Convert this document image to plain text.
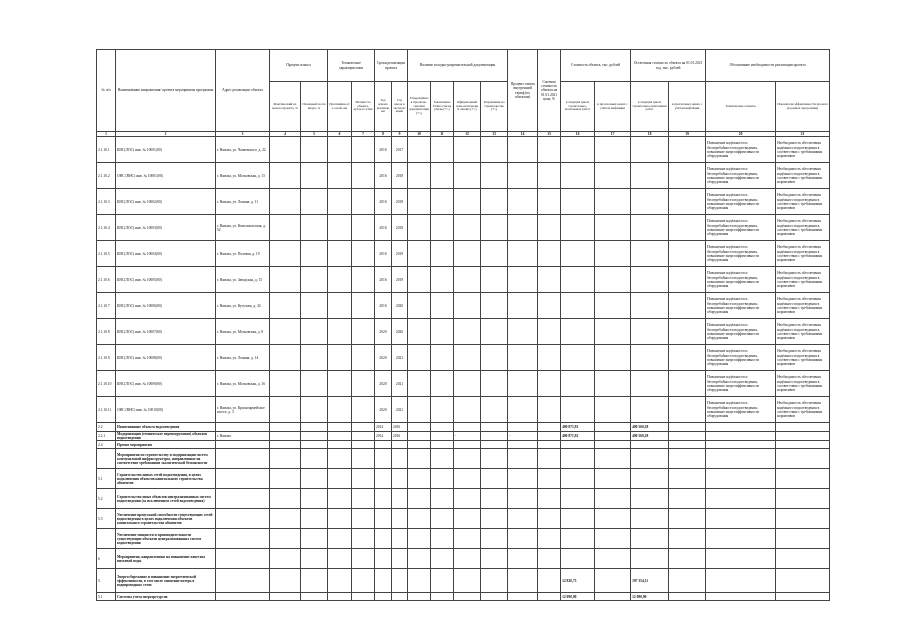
№ п/п	Наименование направления/ проекта мероприятия программы	Адрес реализации объекта	Процент износа		Технические характеристики		Сроки реализации проекта		Наличие исходно-разрешительной документации				Процент охвата внутренний тариф (по объектам)	Сметная стоимость объекта на 01.01.2021 цена, %	Стоимость объекта, тыс. рублей		Остаточная стоимость объекта на 01.01.2021 год, тыс. рублей		Обоснование необходимости реализации проекта	

			Фактический на начало проекта, %	Плановый после ввода, %	Протяжённость сетей, км	Мощность объекта, куб.м в сутки	Год начала реализации	Год ввода в эксплуатацию	Утверждённая проектно-сметная документация (+/-)	Заключение Главгосэкспертизы (+/-)	Официальный технологический анализ (+/-)	Разрешение на строительство (+/-)			в текущих ценах строительно-монтажных работ	в прогнозных ценах с учётом инфляции	в текущих ценах строительно-монтажных работ	в прогнозных ценах с учётом инфляции	Технические аспекты	Показатели эффективности проекта (в рамках программы)
1	2	3	4	5	6	7	8	9	10	11	12	13	14	15	16	17	18	19	20	21
2.1.10.1	КНС(ЛОС) инв. № 10001(00)	г. Вязьма, ул. Чапаевского, д. 22					2016	2017											Повышение надёжности и бесперебойности водоотведения, повышение энергоэффективности оборудования	Необходимость обеспечения надёжного водоотведения в соответствии с требованиями нормативов
2.1.10.2	ОНС (ВНС) инв. № 10001(00)	г. Вязьма, ул. Московская, д. 15					2016	2018											Повышение надёжности и бесперебойности водоотведения, повышение энергоэффективности оборудования	Необходимость обеспечения надёжного водоотведения в соответствии с требованиями нормативов
2.1.10.3	КНС(ЛОС) инв. № 10002(00)	г. Вязьма, ул. Ленина, д. 11					2016	2018											Повышение надёжности и бесперебойности водоотведения, повышение энергоэффективности оборудования	Необходимость обеспечения надёжного водоотведения в соответствии с требованиями нормативов
2.1.10.4	КНС(ЛОС) инв. № 10003(00)	г. Вязьма, ул. Комсомольская, д. 52					2016	2018											Повышение надёжности и бесперебойности водоотведения, повышение энергоэффективности оборудования	Необходимость обеспечения надёжного водоотведения в соответствии с требованиями нормативов
2.1.10.5	КНС(ЛОС) инв. № 10004(00)	г. Вязьма, ул. Полевая, д. 19					2016	2019											Повышение надёжности и бесперебойности водоотведения, повышение энергоэффективности оборудования	Необходимость обеспечения надёжного водоотведения в соответствии с требованиями нормативов
2.1.10.6	КНС(ЛОС) инв. № 10005(00)	г. Вязьма, ул. Заводская, д. 13					2016	2019											Повышение надёжности и бесперебойности водоотведения, повышение энергоэффективности оборудования	Необходимость обеспечения надёжного водоотведения в соответствии с требованиями нормативов
2.1.10.7	КНС(ЛОС) инв. № 10006(00)	г. Вязьма, ул. Кутузова, д. 43					2016	2020											Повышение надёжности и бесперебойности водоотведения, повышение энергоэффективности оборудования	Необходимость обеспечения надёжного водоотведения в соответствии с требованиями нормативов
2.1.10.8	КНС(ЛОС) инв. № 10007(00)	г. Вязьма, ул. Московская, д. 8					2020	2020											Повышение надёжности и бесперебойности водоотведения, повышение энергоэффективности оборудования	Необходимость обеспечения надёжного водоотведения в соответствии с требованиями нормативов
2.1.10.9	КНС(ЛОС) инв. № 10008(00)	г. Вязьма, ул. Ленина, д. 14					2020	2021											Повышение надёжности и бесперебойности водоотведения, повышение энергоэффективности оборудования	Необходимость обеспечения надёжного водоотведения в соответствии с требованиями нормативов
2.1.10.10	КНС(ЛОС) инв. № 10009(00)	г. Вязьма, ул. Московская, д. 16					2020	2021											Повышение надёжности и бесперебойности водоотведения, повышение энергоэффективности оборудования	Необходимость обеспечения надёжного водоотведения в соответствии с требованиями нормативов
2.1.10.11	ОНС (ВНС) инв. № 10010(00)	г. Вязьма, ул. Красноармейское шоссе, д. 3					2020	2021											Повышение надёжности и бесперебойности водоотведения, повышение энергоэффективности оборудования	Необходимость обеспечения надёжного водоотведения в соответствии с требованиями нормативов
2.2	Наименование объекта водоотведения						2014	2016							400 871,92		400 560,28			
2.2.1	Модернизация (техническое перевооружение) объектов водоотведения	г. Вязьма					2014	2016			-		-		400 871,92		400 560,28			
2.4	Прочие мероприятия																			
	Мероприятия по строительству и модернизации систем коммунальной инфраструктуры, направленные на соответствие требованиям экологической безопасности																			
5.1	Строительство новых сетей водоотведения, в целях подключения объектов капитального строительства абонентов																			
5.2	Строительство иных объектов централизованных систем водоотведения (за исключением сетей водоотведения)																			
5.3	Увеличение пропускной способности существующих сетей водоотведения в целях подключения объектов капитального строительства абонентов																			
	Увеличение мощности и производительности существующих объектов централизованных систем водоотведения																			
6	Мероприятия, направленные на повышение качества питьевой воды																			
5.	Энергосбережение и повышение энергетической эффективности, в том числе снижение потерь в водопроводных сетях														12 820,73		197 354,11			
5.1	Системы учета энергоресурсов														12 090,00		12 090,00			
